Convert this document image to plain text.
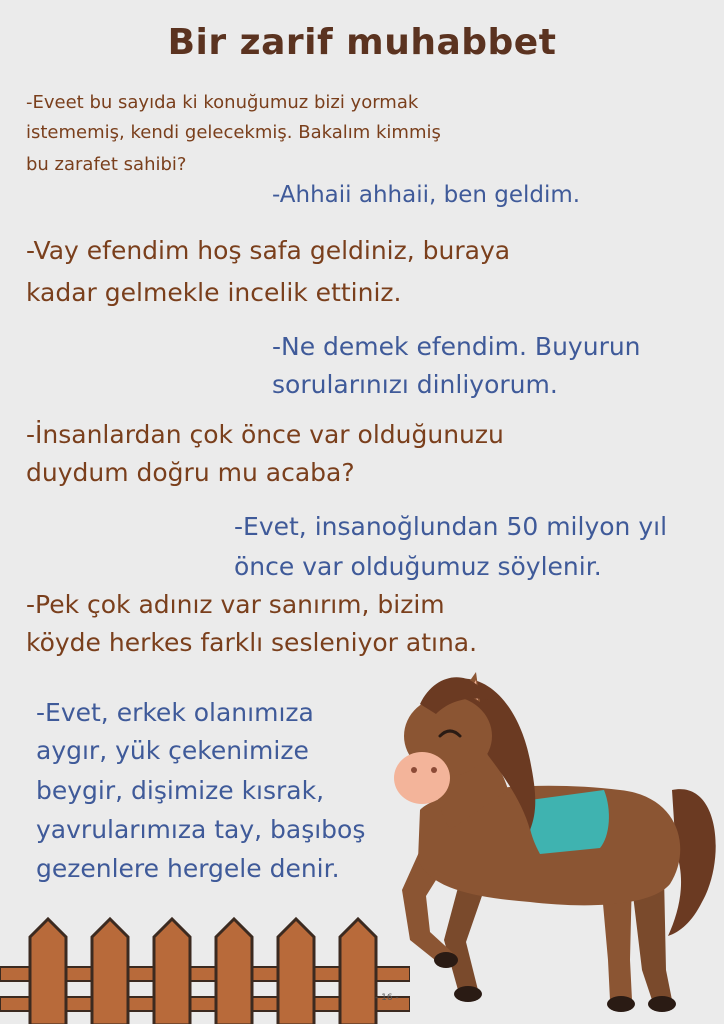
Bir zarif muhabbet

-Eveet bu sayıda ki konuğumuz bizi yormak

istememiş, kendi gelecekmiş. Bakalım kimmiş

bu zarafet sahibi?

-Ahhaii ahhaii, ben geldim.

-Vay efendim hoş safa geldiniz, buraya

kadar gelmekle incelik ettiniz.

-Ne demek efendim. Buyurun

sorularınızı dinliyorum.

-İnsanlardan çok önce var olduğunuzu

duydum doğru mu acaba?

-Evet, insanoğlundan 50 milyon yıl

önce var olduğumuz söylenir.

-Pek çok adınız var sanırım, bizim

köyde herkes farklı sesleniyor atına.

-Evet, erkek olanımıza

aygır, yük çekenimize

beygir, dişimize kısrak,

yavrularımıza tay, başıboş

gezenlere hergele denir.

- 16 -
